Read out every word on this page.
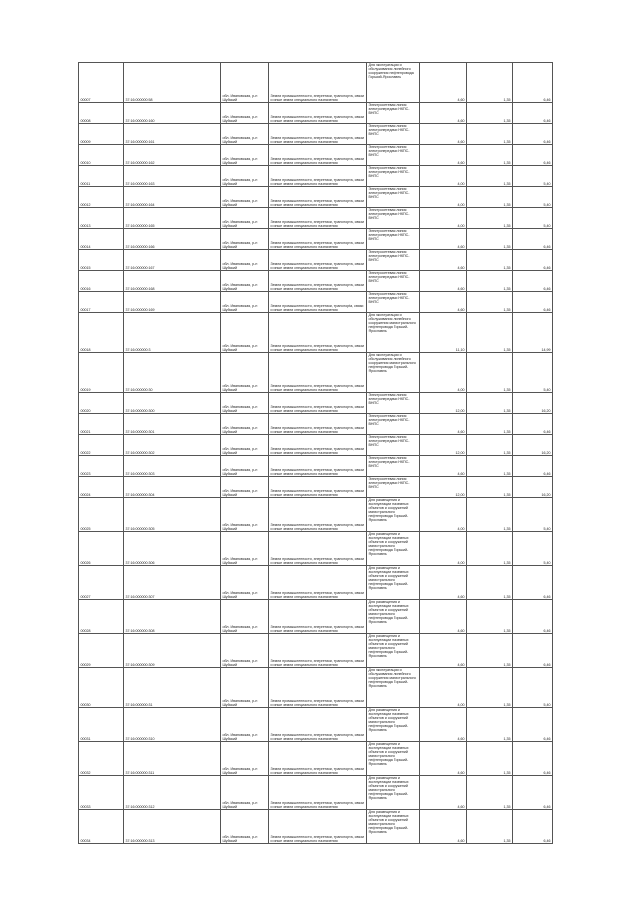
00007	37:16:000000:58	обл. Ивановская, р-н Шуйский	Земли промышленности, энергетики, транспорта, связи и иные земли специального назначения	Для эксплуатации и обслуживания линейного сооружения нефтепровода Горький-Ярославль	4,60	1,35	6,46
00008	37:16:000000:160	обл. Ивановская, р-н Шуйский	Земли промышленности, энергетики, транспорта, связи и иные земли специального назначения	Электросетевая линия электропередачи НКПС-ВНПС	4,60	1,35	6,46
00009	37:16:000000:161	обл. Ивановская, р-н Шуйский	Земли промышленности, энергетики, транспорта, связи и иные земли специального назначения	Электросетевая линия электропередачи НКПС-ВНПС	4,60	1,35	6,46
00010	37:16:000000:162	обл. Ивановская, р-н Шуйский	Земли промышленности, энергетики, транспорта, связи и иные земли специального назначения	Электросетевая линия электропередачи НКПС-ВНПС	4,60	1,35	6,46
00011	37:16:000000:163	обл. Ивановская, р-н Шуйский	Земли промышленности, энергетики, транспорта, связи и иные земли специального назначения	Электросетевая линия электропередачи НКПС-ВНПС	4,00	1,35	5,40
00012	37:16:000000:164	обл. Ивановская, р-н Шуйский	Земли промышленности, энергетики, транспорта, связи и иные земли специального назначения	Электросетевая линия электропередачи НКПС-ВНПС	4,00	1,35	5,40
00013	37:16:000000:165	обл. Ивановская, р-н Шуйский	Земли промышленности, энергетики, транспорта, связи и иные земли специального назначения	Электросетевая линия электропередачи НКПС-ВНПС	4,00	1,35	5,40
00014	37:16:000000:166	обл. Ивановская, р-н Шуйский	Земли промышленности, энергетики, транспорта, связи и иные земли специального назначения	Электросетевая линия электропередачи НКПС-ВНПС	4,60	1,35	6,46
00015	37:16:000000:167	обл. Ивановская, р-н Шуйский	Земли промышленности, энергетики, транспорта, связи и иные земли специального назначения	Электросетевая линия электропередачи НКПС-ВНПС	4,60	1,35	6,46
00016	37:16:000000:168	обл. Ивановская, р-н Шуйский	Земли промышленности, энергетики, транспорта, связи и иные земли специального назначения	Электросетевая линия электропередачи НКПС-ВНПС	4,60	1,35	6,46
00017	37:16:000000:169	обл. Ивановская, р-н Шуйский	Земли промышленности, энергетики, транспорta, связи и иные земли специального назначения	Электросетевая линия электропередачи НКПС-ВНПС	4,60	1,35	6,46
00018	37:16:000000:3	обл. Ивановская, р-н Шуйский	Земли промышленности, энергетики, транспорта, связи и иные земли специального назначения	Для эксплуатации и обслуживания линейного сооружения магистрального нефтепровода Горький-Ярославль	11,10	1,35	14,99
00019	37:16:000000:30	обл. Ивановская, р-н Шуйский	Земли промышленности, энергетики, транспорта, связи и иные земли специального назначения	Для эксплуатации и обслуживания линейного сооружения магистрального нефтепровода Горький-Ярославль	4,00	1,35	5,40
00020	37:16:000000:300	обл. Ивановская, р-н Шуйский	Земли промышленности, энергетики, транспорта, связи и иные земли специального назначения	Электросетевая линия электропередачи НКПС-ВНПС	12,00	1,35	16,20
00021	37:16:000000:301	обл. Ивановская, р-н Шуйский	Земли промышленности, энергетики, транспорта, связи и иные земли специального назначения	Электросетевая линия электропередачи НКПС-ВНПС	4,60	1,35	6,46
00022	37:16:000000:302	обл. Ивановская, р-н Шуйский	Земли промышленности, энергетики, транспорта, связи и иные земли специального назначения	Электросетевая линия электропередачи НКПС-ВНПС	12,00	1,35	16,20
00023	37:16:000000:303	обл. Ивановская, р-н Шуйский	Земли промышленности, энергетики, транспорта, связи и иные земли специального назначения	Электросетевая линия электропередачи НКПС-ВНПС	4,60	1,35	6,46
00024	37:16:000000:304	обл. Ивановская, р-н Шуйский	Земли промышленности, энергетики, транспорта, связи и иные земли специального назначения	Электросетевая линия электропередачи НКПС-ВНПС	12,00	1,35	16,20
00025	37:16:000000:305	обл. Ивановская, р-н Шуйский	Земли промышленности, энергетики, транспорта, связи и иные земли специального назначения	Для размещения и эксплуатации наземных объектов и сооружений магистрального нефтепровода Горький-Ярославль	4,00	1,35	5,40
00026	37:16:000000:306	обл. Ивановская, р-н Шуйский	Земли промышленности, энергетики, транспорта, связи и иные земли специального назначения	Для размещения и эксплуатации наземных объектов и сооружений магистрального нефтепровода Горький-Ярославль	4,00	1,35	5,40
00027	37:16:000000:307	обл. Ивановская, р-н Шуйский	Земли промышленности, энергетики, транспорта, связи и иные земли специального назначения	Для размещения и эксплуатации наземных объектов и сооружений магистрального нефтепровода Горький-Ярославль	4,60	1,35	6,46
00028	37:16:000000:308	обл. Ивановская, р-н Шуйский	Земли промышленности, энергетики, транспорта, связи и иные земли специального назначения	Для размещения и эксплуатации наземных объектов и сооружений магистрального нефтепровода Горький-Ярославль	4,60	1,35	6,46
00029	37:16:000000:309	обл. Ивановская, р-н Шуйский	Земли промышленности, энергетики, транспорта, связи и иные земли специального назначения	Для размещения и эксплуатации наземных объектов и сооружений магистрального нефтепровода Горький-Ярославль	4,60	1,35	6,46
00030	37:16:000000:31	обл. Ивановская, р-н Шуйский	Земли промышленности, энергетики, транспорта, связи и иные земли специального назначения	Для эксплуатации и обслуживания линейного сооружения магистрального нефтепровода Горький-Ярославль	4,00	1,35	5,40
00031	37:16:000000:310	обл. Ивановская, р-н Шуйский	Земли промышленности, энергетики, транспорта, связи и иные земли специального назначения	Для размещения и эксплуатации наземных объектов и сооружений магистрального нефтепровода Горький-Ярославль	4,60	1,35	6,46
00032	37:16:000000:311	обл. Ивановская, р-н Шуйский	Земли промышленности, энергетики, транспорта, связи и иные земли специального назначения	Для размещения и эксплуатации наземных объектов и сооружений магистрального нефтепровода Горький-Ярославль	4,60	1,35	6,46
00033	37:16:000000:312	обл. Ивановская, р-н Шуйский	Земли промышленности, энергетики, транспорта, связи и иные земли специального назначения	Для размещения и эксплуатации наземных объектов и сооружений магистрального нефтепровода Горький-Ярославль	4,60	1,35	6,46
00034	37:16:000000:313	обл. Ивановская, р-н Шуйский	Земли промышленности, энергетики, транспорта, связи и иные земли специального назначения	Для размещения и эксплуатации наземных объектов и сооружений магистрального нефтепровода Горький-Ярославль	4,60	1,35	6,46
